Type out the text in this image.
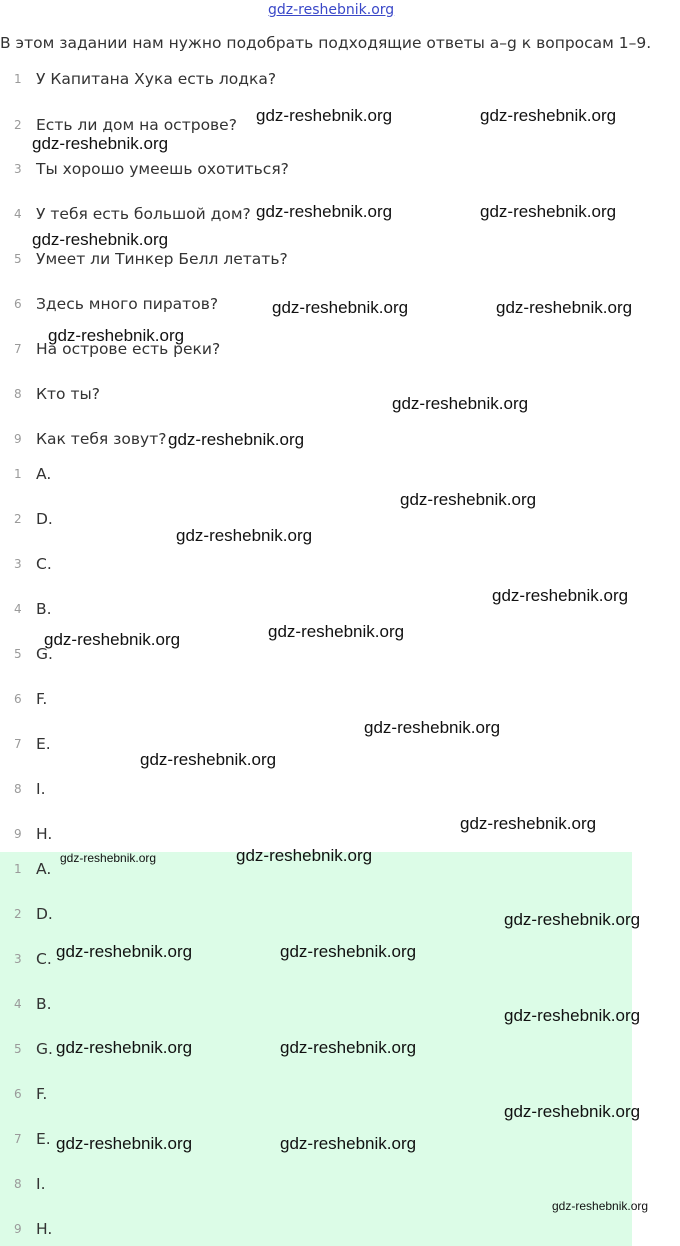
gdz-reshebnik.org
В этом задании нам нужно подобрать подходящие ответы a–g к вопросам 1–9.
1 У Капитана Хука есть лодка?
2 Есть ли дом на острове?
3 Ты хорошо умеешь охотиться?
4 У тебя есть большой дом?
5 Умеет ли Тинкер Белл летать?
6 Здесь много пиратов?
7 На острове есть реки?
8 Кто ты?
9 Как тебя зовут?
1 A.
2 D.
3 C.
4 B.
5 G.
6 F.
7 E.
8 I.
9 H.
1 A.
2 D.
3 C.
4 B.
5 G.
6 F.
7 E.
8 I.
9 H.
gdz-reshebnik.org	gdz-reshebnik.org
gdz-reshebnik.org
gdz-reshebnik.org	gdz-reshebnik.org
gdz-reshebnik.org
gdz-reshebnik.org	gdz-reshebnik.org
gdz-reshebnik.org
gdz-reshebnik.org
gdz-reshebnik.org
gdz-reshebnik.org
gdz-reshebnik.org
gdz-reshebnik.org
gdz-reshebnik.org
gdz-reshebnik.org
gdz-reshebnik.org
gdz-reshebnik.org
gdz-reshebnik.org
gdz-reshebnik.org	gdz-reshebnik.org
gdz-reshebnik.org
gdz-reshebnik.org	gdz-reshebnik.org
gdz-reshebnik.org
gdz-reshebnik.org	gdz-reshebnik.org
gdz-reshebnik.org
gdz-reshebnik.org	gdz-reshebnik.org
gdz-reshebnik.org
